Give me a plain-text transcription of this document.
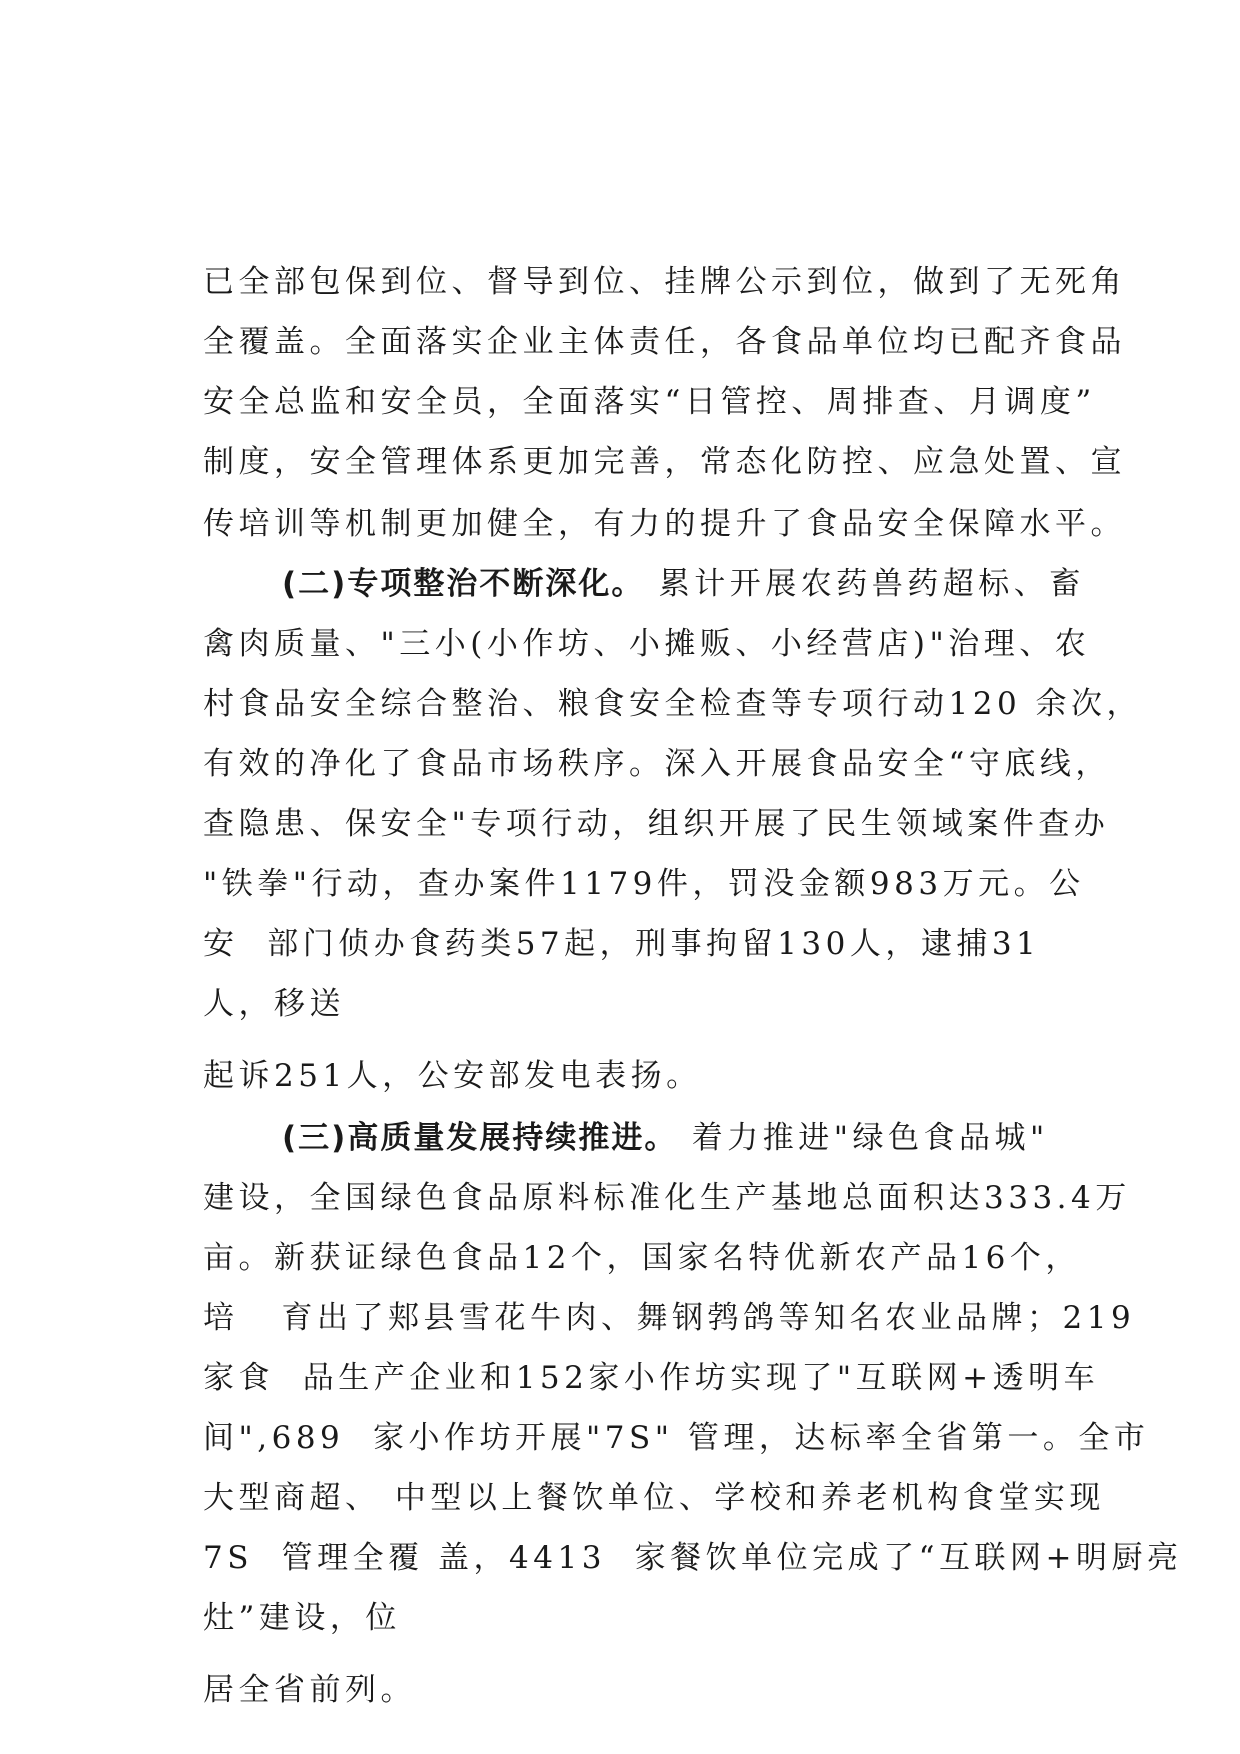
已全部包保到位、督导到位、挂牌公示到位，做到了无死角
全覆盖。全面落实企业主体责任，各食品单位均已配齐食品
安全总监和安全员，全面落实“日管控、周排查、月调度”
制度，安全管理体系更加完善，常态化防控、应急处置、宣
传培训等机制更加健全，有力的提升了食品安全保障水平。
(二)专项整治不断深化。 累计开展农药兽药超标、畜
禽肉质量、"三小(小作坊、小摊贩、小经营店)"治理、农
村食品安全综合整治、粮食安全检查等专项行动120 余次，
有效的净化了食品市场秩序。深入开展食品安全“守底线，
查隐患、保安全"专项行动，组织开展了民生领域案件查办
"铁拳"行动，查办案件1179件，罚没金额983万元。公
安  部门侦办食药类57起，刑事拘留130人，逮捕31
人，移送
起诉251人，公安部发电表扬。
(三)高质量发展持续推进。 着力推进"绿色食品城"
建设，全国绿色食品原料标准化生产基地总面积达333.4万
亩。新获证绿色食品12个，国家名特优新农产品16个，
培   育出了郏县雪花牛肉、舞钢鹁鸽等知名农业品牌；219
家食  品生产企业和152家小作坊实现了"互联网+透明车
间",689  家小作坊开展"7S" 管理，达标率全省第一。全市
大型商超、 中型以上餐饮单位、学校和养老机构食堂实现
7S  管理全覆 盖，4413  家餐饮单位完成了“互联网+明厨亮
灶”建设，位
居全省前列。
